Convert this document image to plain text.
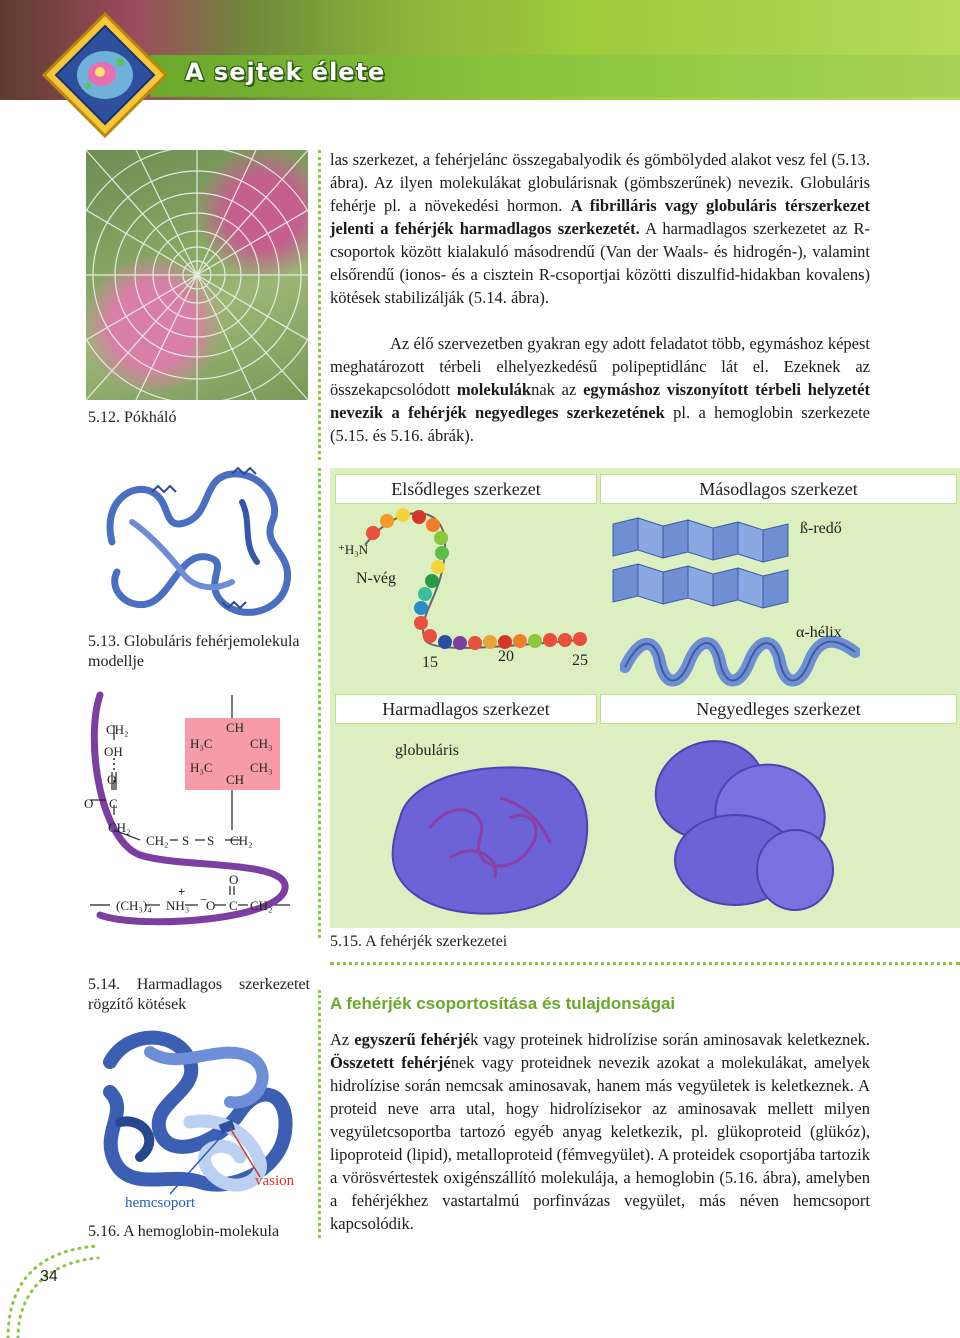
A sejtek élete
5.12. Pókháló
5.13. Globuláris fehérjemolekula modellje
CH₂
OH
O
O C
CH₂
CH₂ S S CH₂
CH
H₃C	CH₃
H₃C	CH₃
CH
(CH₃)₄ NH₃
+
−
O C
O
CH₂
5.14. Harmadlagos szerkezetet rögzítő kötések
vasion
hemcsoport
5.16. A hemoglobin-molekula
las szerkezet, a fehérjelánc összegabalyodik és gömbölyded alakot vesz fel (5.13. ábra). Az ilyen molekulákat globulárisnak (gömbszerűnek) nevezik. Globuláris fehérje pl. a növekedési hormon. A fibrilláris vagy globuláris térszerkezet jelenti a fehérjék harmadlagos szerkezetét. A harmadlagos szerkezetet az R-csoportok között kialakuló másodrendű (Van der Waals- és hidrogén-), valamint elsőrendű (ionos- és a cisztein R-csoportjai közötti diszulfid-hidakban kovalens) kötések stabilizálják (5.14. ábra).
Az élő szervezetben gyakran egy adott feladatot több, egymáshoz képest meghatározott térbeli elhelyezkedésű polipeptidlánc lát el. Ezeknek az összekapcsolódott molekuláknak az egymáshoz viszonyított térbeli helyzetét nevezik a fehérjék negyedleges szerkezetének pl. a hemoglobin szerkezete (5.15. és 5.16. ábrák).
Elsődleges szerkezet	Másodlagos szerkezet
Harmadlagos szerkezet	Negyedleges szerkezet
⁺H₃N
N-vég
15	20	25
ß-redő
α-hélix
globuláris
5.15. A fehérjék szerkezetei
A fehérjék csoportosítása és tulajdonságai
Az egyszerű fehérjék vagy proteinek hidrolízise során aminosavak keletkeznek. Összetett fehérjének vagy proteidnek nevezik azokat a molekulákat, amelyek hidrolízise során nemcsak aminosavak, hanem más vegyületek is keletkeznek. A proteid neve arra utal, hogy hidrolízisekor az aminosavak mellett milyen vegyületcsoportba tartozó egyéb anyag keletkezik, pl. glükoproteid (glükóz), lipoproteid (lipid), metalloproteid (fémvegyület). A proteidek csoportjába tartozik a vörösvértestek oxigénszállító molekulája, a hemoglobin (5.16. ábra), amelyben a fehérjékhez vastartalmú porfinvázas vegyület, más néven hemcsoport kapcsolódik.
34
